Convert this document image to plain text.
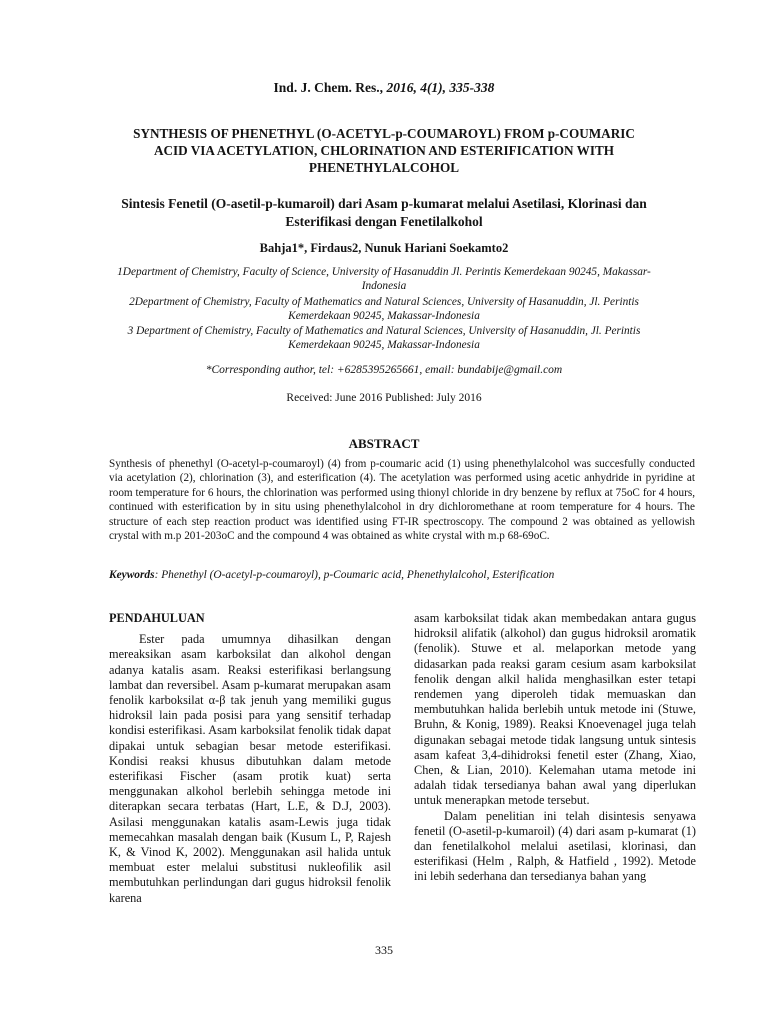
Ind. J. Chem. Res., 2016, 4(1), 335-338
SYNTHESIS OF PHENETHYL (O-ACETYL-p-COUMAROYL) FROM p-COUMARIC ACID VIA ACETYLATION, CHLORINATION AND ESTERIFICATION WITH PHENETHYLALCOHOL
Sintesis Fenetil (O-asetil-p-kumaroil) dari Asam p-kumarat melalui Asetilasi, Klorinasi dan Esterifikasi dengan Fenetilalkohol
Bahja1*, Firdaus2, Nunuk Hariani Soekamto2
1Department of Chemistry, Faculty of Science, University of Hasanuddin Jl. Perintis Kemerdekaan 90245, Makassar-Indonesia
2Department of Chemistry, Faculty of Mathematics and Natural Sciences, University of Hasanuddin, Jl. Perintis Kemerdekaan 90245, Makassar-Indonesia
3 Department of Chemistry, Faculty of Mathematics and Natural Sciences, University of Hasanuddin, Jl. Perintis Kemerdekaan 90245, Makassar-Indonesia
*Corresponding author, tel: +6285395265661, email: bundabije@gmail.com
Received: June 2016 Published: July 2016
ABSTRACT
Synthesis of phenethyl (O-acetyl-p-coumaroyl) (4) from p-coumaric acid (1) using phenethylalcohol was succesfully conducted via acetylation (2), chlorination (3), and esterification (4). The acetylation was performed using acetic anhydride in pyridine at room temperature for 6 hours, the chlorination was performed using thionyl chloride in dry benzene by reflux at 75oC for 4 hours, continued with esterification by in situ using phenethylalcohol in dry dichloromethane at room temperature for 4 hours. The structure of each step reaction product was identified using FT-IR spectroscopy. The compound 2 was obtained as yellowish crystal with m.p 201-203oC and the compound 4 was obtained as white crystal with m.p 68-69oC.
Keywords: Phenethyl (O-acetyl-p-coumaroyl), p-Coumaric acid, Phenethylalcohol, Esterification
PENDAHULUAN

Ester pada umumnya dihasilkan dengan mereaksikan asam karboksilat dan alkohol dengan adanya katalis asam. Reaksi esterifikasi berlangsung lambat dan reversibel. Asam p-kumarat merupakan asam fenolik karboksilat α-β tak jenuh yang memiliki gugus hidroksil lain pada posisi para yang sensitif terhadap kondisi esterifikasi. Asam karboksilat fenolik tidak dapat dipakai untuk sebagian besar metode esterifikasi. Kondisi reaksi khusus dibutuhkan dalam metode esterifikasi Fischer (asam protik kuat) serta menggunakan alkohol berlebih sehingga metode ini diterapkan secara terbatas (Hart, L.E, & D.J, 2003). Asilasi menggunakan katalis asam-Lewis juga tidak memecahkan masalah dengan baik (Kusum L, P, Rajesh K, & Vinod K, 2002). Menggunakan asil halida untuk membuat ester melalui substitusi nukleofilik asil membutuhkan perlindungan dari gugus hidroksil fenolik karena

asam karboksilat tidak akan membedakan antara gugus hidroksil alifatik (alkohol) dan gugus hidroksil aromatik (fenolik). Stuwe et al. melaporkan metode yang didasarkan pada reaksi garam cesium asam karboksilat fenolik dengan alkil halida menghasilkan ester tetapi rendemen yang diperoleh tidak memuaskan dan membutuhkan halida berlebih untuk metode ini (Stuwe, Bruhn, & Konig, 1989). Reaksi Knoevenagel juga telah digunakan sebagai metode tidak langsung untuk sintesis asam kafeat 3,4-dihidroksi fenetil ester (Zhang, Xiao, Chen, & Lian, 2010). Kelemahan utama metode ini adalah tidak tersedianya bahan awal yang diperlukan untuk menerapkan metode tersebut.

Dalam penelitian ini telah disintesis senyawa fenetil (O-asetil-p-kumaroil) (4) dari asam p-kumarat (1) dan fenetilalkohol melalui asetilasi, klorinasi, dan esterifikasi (Helm , Ralph, & Hatfield , 1992). Metode ini lebih sederhana dan tersedianya bahan yang

335
